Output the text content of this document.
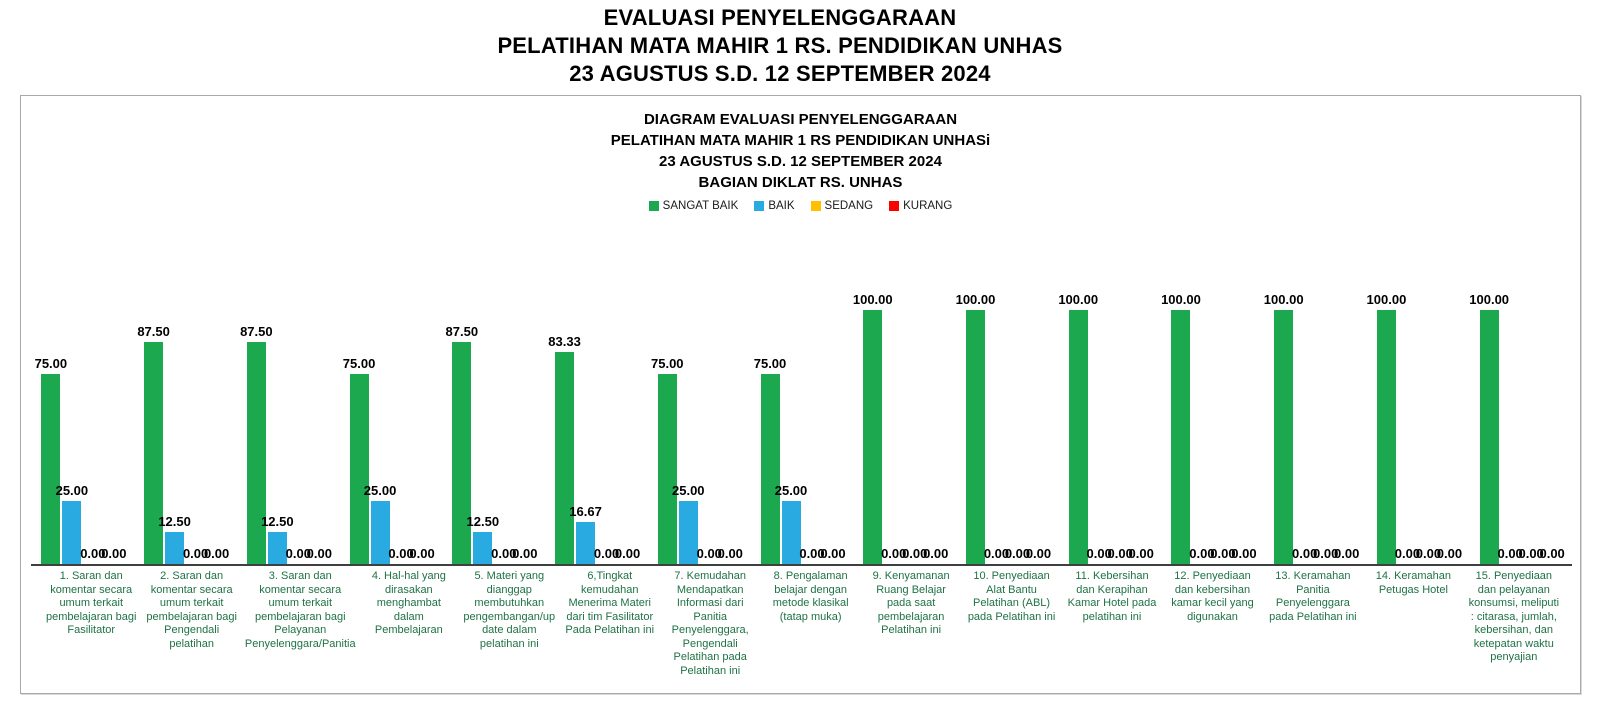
EVALUASI PENYELENGGARAAN
PELATIHAN MATA MAHIR 1 RS. PENDIDIKAN UNHAS
23 AGUSTUS S.D. 12 SEPTEMBER 2024
DIAGRAM EVALUASI PENYELENGGARAAN
PELATIHAN MATA MAHIR 1 RS PENDIDIKAN UNHASi
23 AGUSTUS S.D. 12 SEPTEMBER 2024
BAGIAN DIKLAT RS. UNHAS
SANGAT BAIK	BAIK	SEDANG	KURANG
75.00
25.00
0.00
0.00
87.50
12.50
0.00
0.00
87.50
12.50
0.00
0.00
75.00
25.00
0.00
0.00
87.50
12.50
0.00
0.00
83.33
16.67
0.00
0.00
75.00
25.00
0.00
0.00
75.00
25.00
0.00
0.00
100.00
0.00
0.00
0.00
100.00
0.00
0.00
0.00
100.00
0.00
0.00
0.00
100.00
0.00
0.00
0.00
100.00
0.00
0.00
0.00
100.00
0.00
0.00
0.00
100.00
0.00
0.00
0.00
1. Saran dan komentar secara umum terkait pembelajaran bagi Fasilitator
2. Saran dan komentar secara umum terkait pembelajaran bagi Pengendali pelatihan
3. Saran dan komentar secara umum terkait pembelajaran bagi Pelayanan Penyelenggara/Panitia
4. Hal-hal yang dirasakan menghambat dalam Pembelajaran
5. Materi yang dianggap membutuhkan pengembangan/up date dalam pelatihan ini
6,Tingkat kemudahan Menerima Materi dari tim Fasilitator Pada Pelatihan ini
7. Kemudahan Mendapatkan Informasi dari Panitia Penyelenggara, Pengendali Pelatihan pada Pelatihan ini
8. Pengalaman belajar dengan metode klasikal (tatap muka)
9. Kenyamanan Ruang Belajar pada saat pembelajaran Pelatihan ini
10. Penyediaan Alat Bantu Pelatihan (ABL) pada Pelatihan ini
11. Kebersihan dan Kerapihan Kamar Hotel pada pelatihan ini
12. Penyediaan dan kebersihan kamar kecil yang digunakan
13. Keramahan Panitia Penyelenggara pada Pelatihan ini
14. Keramahan Petugas Hotel
15. Penyediaan dan pelayanan konsumsi, meliputi : citarasa, jumlah, kebersihan, dan ketepatan waktu penyajian
